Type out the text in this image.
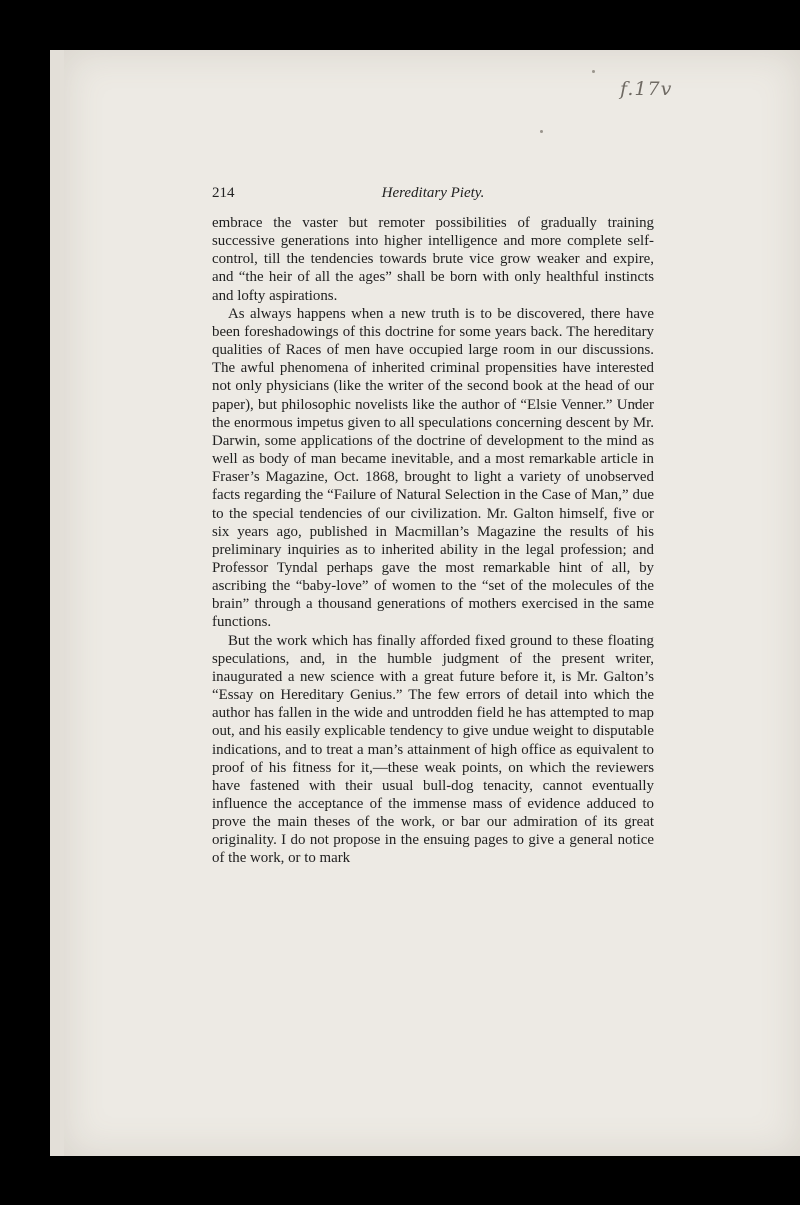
f.17v
214	Hereditary Piety.

embrace the vaster but remoter possibilities of gradually training successive generations into higher intelligence and more complete self-control, till the tendencies towards brute vice grow weaker and expire, and “the heir of all the ages” shall be born with only healthful instincts and lofty aspirations.

As always happens when a new truth is to be discovered, there have been foreshadowings of this doctrine for some years back. The hereditary qualities of Races of men have occupied large room in our discussions. The awful phenomena of inherited criminal propensities have interested not only physicians (like the writer of the second book at the head of our paper), but philosophic novelists like the author of “Elsie Venner.” Under the enormous impetus given to all speculations concerning descent by Mr. Darwin, some applications of the doctrine of development to the mind as well as body of man became inevitable, and a most remarkable article in Fraser’s Magazine, Oct. 1868, brought to light a variety of unobserved facts regarding the “Failure of Natural Selection in the Case of Man,” due to the special tendencies of our civilization. Mr. Galton himself, five or six years ago, published in Macmillan’s Magazine the results of his preliminary inquiries as to inherited ability in the legal profession; and Professor Tyndal perhaps gave the most remarkable hint of all, by ascribing the “baby-love” of women to the “set of the molecules of the brain” through a thousand generations of mothers exercised in the same functions.

But the work which has finally afforded fixed ground to these floating speculations, and, in the humble judgment of the present writer, inaugurated a new science with a great future before it, is Mr. Galton’s “Essay on Hereditary Genius.” The few errors of detail into which the author has fallen in the wide and untrodden field he has attempted to map out, and his easily explicable tendency to give undue weight to disputable indications, and to treat a man’s attainment of high office as equivalent to proof of his fitness for it,—these weak points, on which the reviewers have fastened with their usual bull-dog tenacity, cannot eventually influence the acceptance of the immense mass of evidence adduced to prove the main theses of the work, or bar our admiration of its great originality. I do not propose in the ensuing pages to give a general notice of the work, or to mark
